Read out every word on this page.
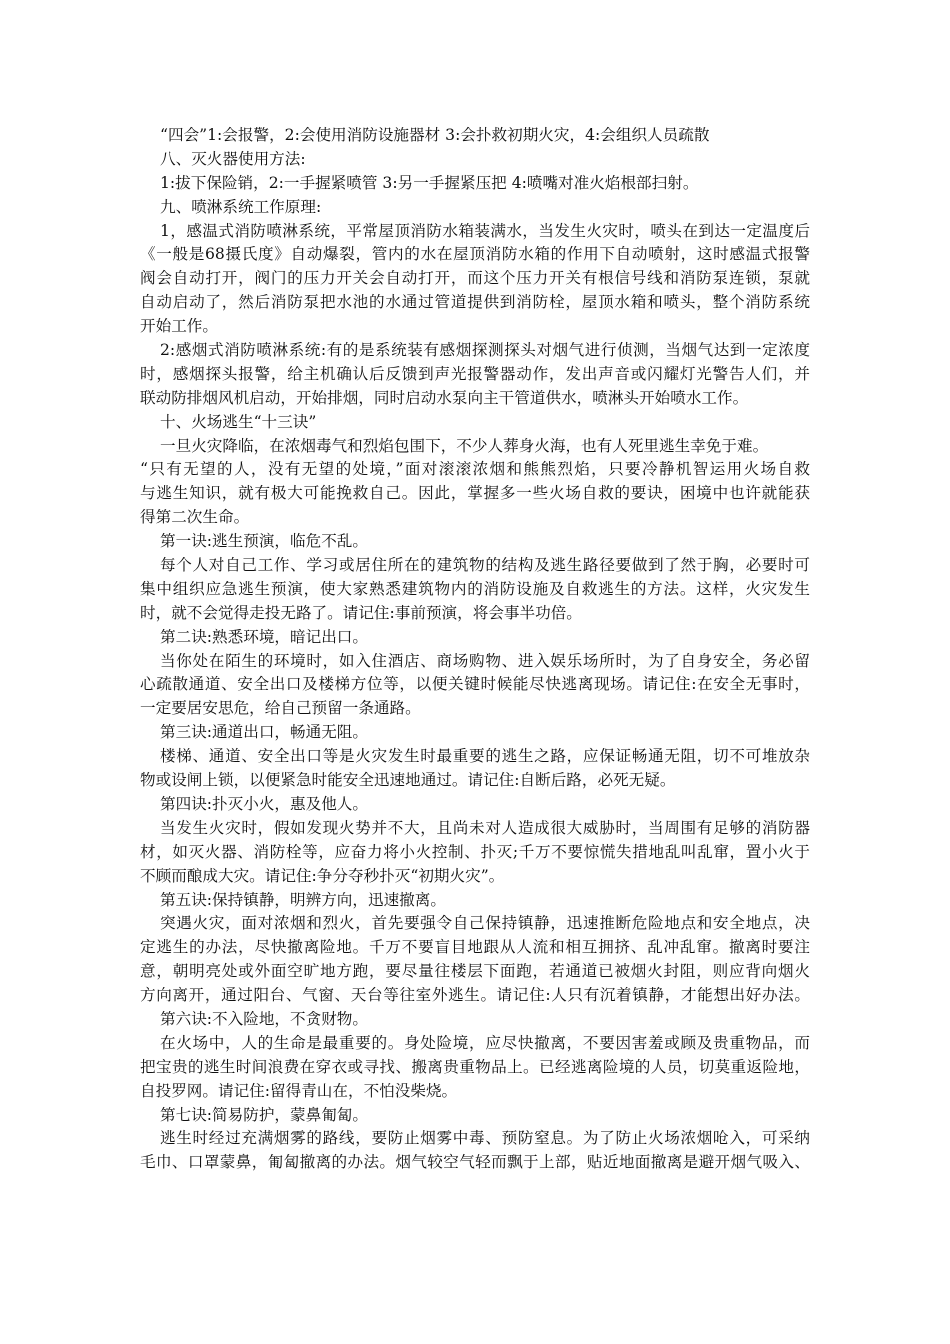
“四会”1:会报警，2:会使用消防设施器材 3:会扑救初期火灾，4:会组织人员疏散
八、灭火器使用方法:
1:拔下保险销，2:一手握紧喷管 3:另一手握紧压把 4:喷嘴对准火焰根部扫射。
九、喷淋系统工作原理:
1，感温式消防喷淋系统，平常屋顶消防水箱装满水，当发生火灾时，喷头在到达一定温度后
《一般是68摄氏度》自动爆裂，管内的水在屋顶消防水箱的作用下自动喷射，这时感温式报警
阀会自动打开，阀门的压力开关会自动打开，而这个压力开关有根信号线和消防泵连锁，泵就
自动启动了，然后消防泵把水池的水通过管道提供到消防栓，屋顶水箱和喷头，整个消防系统
开始工作。
2:感烟式消防喷淋系统:有的是系统装有感烟探测探头对烟气进行侦测，当烟气达到一定浓度
时，感烟探头报警，给主机确认后反馈到声光报警器动作，发出声音或闪耀灯光警告人们，并
联动防排烟风机启动，开始排烟，同时启动水泵向主干管道供水，喷淋头开始喷水工作。
十、火场逃生“十三诀”
一旦火灾降临，在浓烟毒气和烈焰包围下，不少人葬身火海，也有人死里逃生幸免于难。
“只有无望的人，没有无望的处境，”面对滚滚浓烟和熊熊烈焰，只要冷静机智运用火场自救
与逃生知识，就有极大可能挽救自己。因此，掌握多一些火场自救的要诀，困境中也许就能获
得第二次生命。
第一诀:逃生预演，临危不乱。
每个人对自己工作、学习或居住所在的建筑物的结构及逃生路径要做到了然于胸，必要时可
集中组织应急逃生预演，使大家熟悉建筑物内的消防设施及自救逃生的方法。这样，火灾发生
时，就不会觉得走投无路了。请记住:事前预演，将会事半功倍。
第二诀:熟悉环境，暗记出口。
当你处在陌生的环境时，如入住酒店、商场购物、进入娱乐场所时，为了自身安全，务必留
心疏散通道、安全出口及楼梯方位等，以便关键时候能尽快逃离现场。请记住:在安全无事时，
一定要居安思危，给自己预留一条通路。
第三诀:通道出口，畅通无阻。
楼梯、通道、安全出口等是火灾发生时最重要的逃生之路，应保证畅通无阻，切不可堆放杂
物或设闸上锁，以便紧急时能安全迅速地通过。请记住:自断后路，必死无疑。
第四诀:扑灭小火，惠及他人。
当发生火灾时，假如发现火势并不大，且尚未对人造成很大威胁时，当周围有足够的消防器
材，如灭火器、消防栓等，应奋力将小火控制、扑灭;千万不要惊慌失措地乱叫乱窜，置小火于
不顾而酿成大灾。请记住:争分夺秒扑灭“初期火灾”。
第五诀:保持镇静，明辨方向，迅速撤离。
突遇火灾，面对浓烟和烈火，首先要强令自己保持镇静，迅速推断危险地点和安全地点，决
定逃生的办法，尽快撤离险地。千万不要盲目地跟从人流和相互拥挤、乱冲乱窜。撤离时要注
意，朝明亮处或外面空旷地方跑，要尽量往楼层下面跑，若通道已被烟火封阻，则应背向烟火
方向离开，通过阳台、气窗、天台等往室外逃生。请记住:人只有沉着镇静，才能想出好办法。
第六诀:不入险地，不贪财物。
在火场中，人的生命是最重要的。身处险境，应尽快撤离，不要因害羞或顾及贵重物品，而
把宝贵的逃生时间浪费在穿衣或寻找、搬离贵重物品上。已经逃离险境的人员，切莫重返险地，
自投罗网。请记住:留得青山在，不怕没柴烧。
第七诀:简易防护，蒙鼻匍匐。
逃生时经过充满烟雾的路线，要防止烟雾中毒、预防窒息。为了防止火场浓烟呛入，可采纳
毛巾、口罩蒙鼻，匍匐撤离的办法。烟气较空气轻而飘于上部，贴近地面撤离是避开烟气吸入、
